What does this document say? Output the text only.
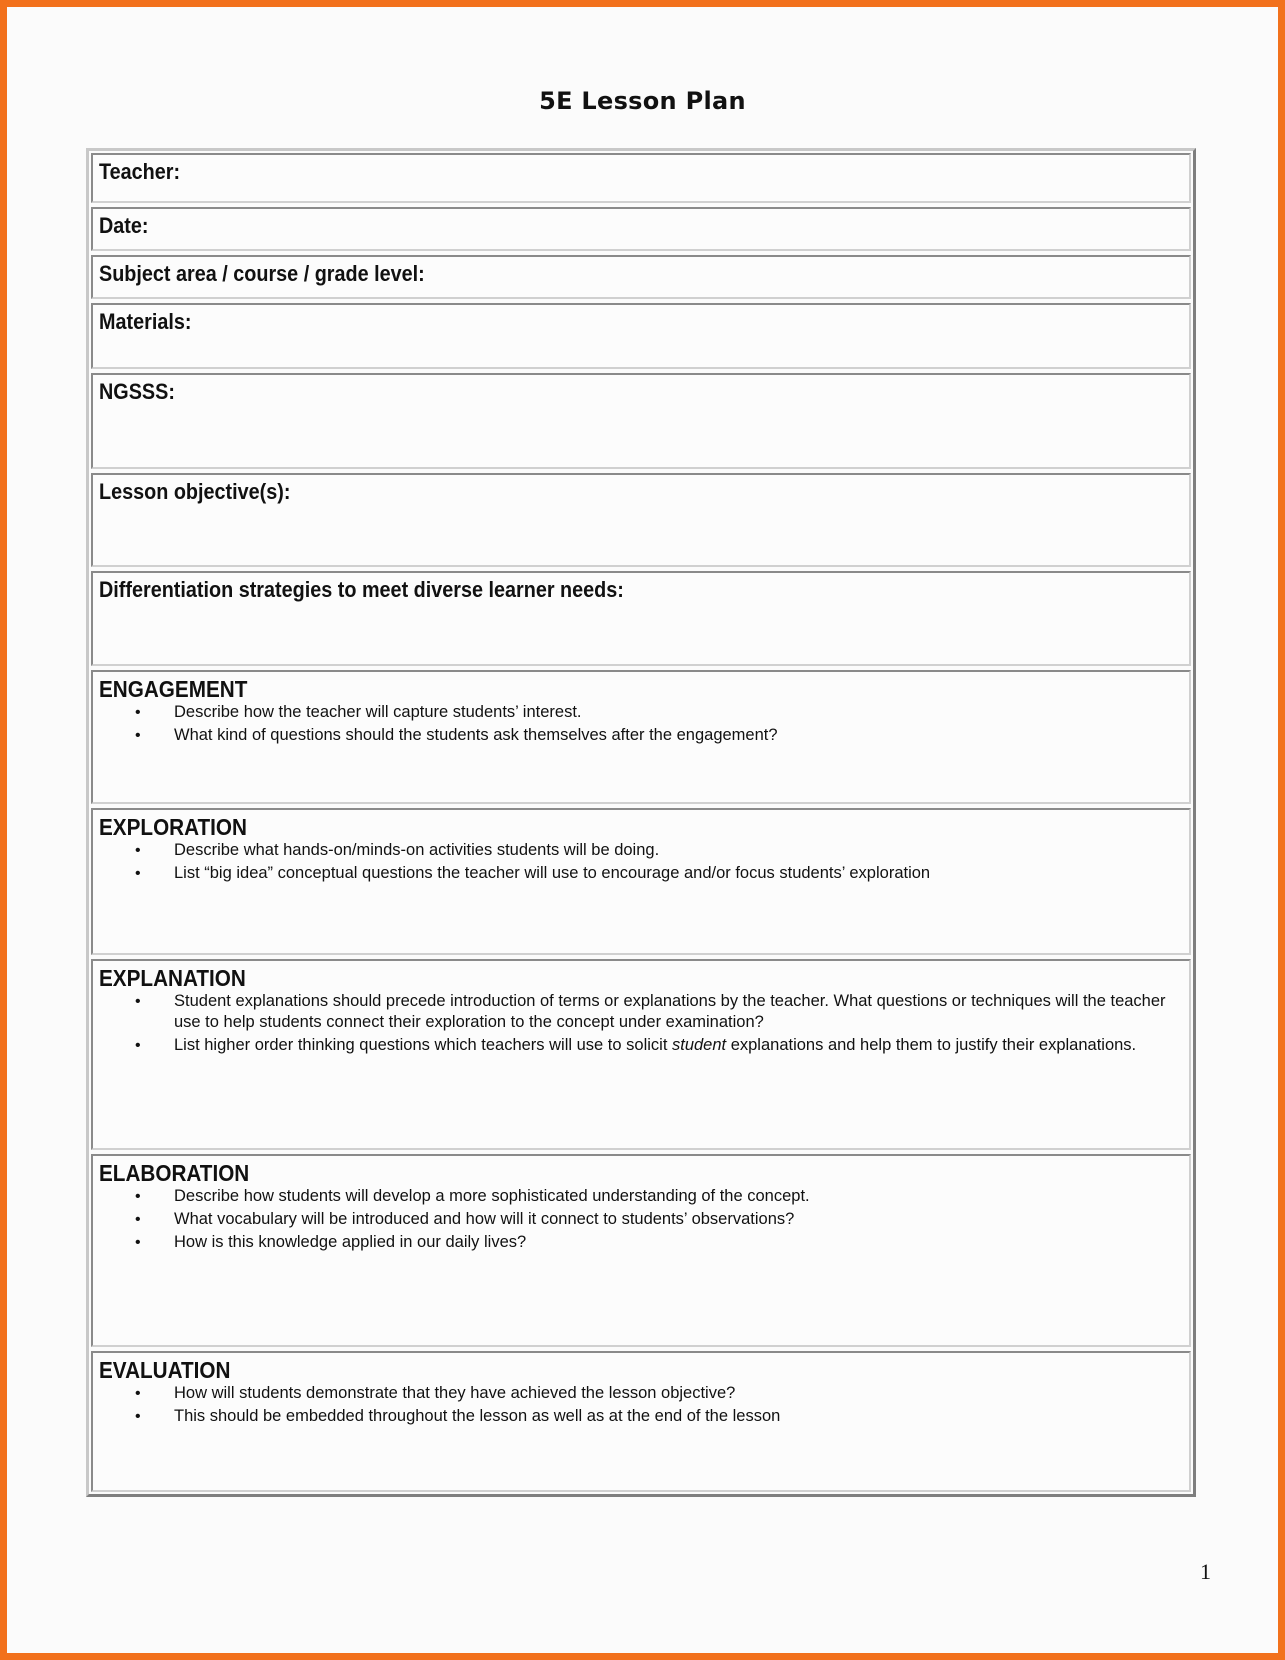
5E Lesson Plan
Teacher:
Date:
Subject area / course / grade level:
Materials:
NGSSS:
Lesson objective(s):
Differentiation strategies to meet diverse learner needs:
ENGAGEMENT
• Describe how the teacher will capture students’ interest.
• What kind of questions should the students ask themselves after the engagement?
EXPLORATION
• Describe what hands-on/minds-on activities students will be doing.
• List “big idea” conceptual questions the teacher will use to encourage and/or focus students’ exploration
EXPLANATION
• Student explanations should precede introduction of terms or explanations by the teacher. What questions or techniques will the teacher use to help students connect their exploration to the concept under examination?
• List higher order thinking questions which teachers will use to solicit student explanations and help them to justify their explanations.
ELABORATION
• Describe how students will develop a more sophisticated understanding of the concept.
• What vocabulary will be introduced and how will it connect to students’ observations?
• How is this knowledge applied in our daily lives?
EVALUATION
• How will students demonstrate that they have achieved the lesson objective?
• This should be embedded throughout the lesson as well as at the end of the lesson
1
